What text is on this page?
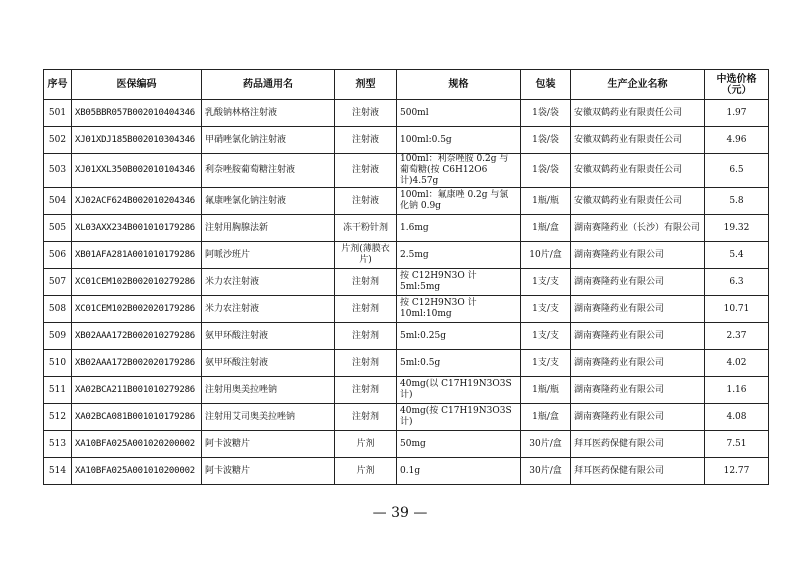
序号	医保编码	药品通用名	剂型	规格	包装	生产企业名称	中选价格（元）
501	XB05BBR057B002010404346	乳酸钠林格注射液	注射液	500ml	1袋/袋	安徽双鹤药业有限责任公司	1.97
502	XJ01XDJ185B002010304346	甲硝唑氯化钠注射液	注射液	100ml:0.5g	1袋/袋	安徽双鹤药业有限责任公司	4.96
503	XJ01XXL350B002010104346	利奈唑胺葡萄糖注射液	注射液	100ml：利奈唑胺 0.2g 与葡萄糖(按 C6H12O6 计)4.57g	1袋/袋	安徽双鹤药业有限责任公司	6.5
504	XJ02ACF624B002010204346	氟康唑氯化钠注射液	注射液	100ml：氟康唑 0.2g 与氯化钠 0.9g	1瓶/瓶	安徽双鹤药业有限责任公司	5.8
505	XL03AXX234B001010179286	注射用胸腺法新	冻干粉针剂	1.6mg	1瓶/盒	湖南赛隆药业（长沙）有限公司	19.32
506	XB01AFA281A001010179286	阿哌沙班片	片剂(薄膜衣片)	2.5mg	10片/盒	湖南赛隆药业有限公司	5.4
507	XC01CEM102B002010279286	米力农注射液	注射剂	按 C12H9N3O 计 5ml:5mg	1支/支	湖南赛隆药业有限公司	6.3
508	XC01CEM102B002020179286	米力农注射液	注射剂	按 C12H9N3O 计 10ml:10mg	1支/支	湖南赛隆药业有限公司	10.71
509	XB02AAA172B002010279286	氨甲环酸注射液	注射剂	5ml:0.25g	1支/支	湖南赛隆药业有限公司	2.37
510	XB02AAA172B002020179286	氨甲环酸注射液	注射剂	5ml:0.5g	1支/支	湖南赛隆药业有限公司	4.02
511	XA02BCA211B001010279286	注射用奥美拉唑钠	注射剂	40mg(以 C17H19N3O3S 计)	1瓶/瓶	湖南赛隆药业有限公司	1.16
512	XA02BCA081B001010179286	注射用艾司奥美拉唑钠	注射剂	40mg(按 C17H19N3O3S 计)	1瓶/盒	湖南赛隆药业有限公司	4.08
513	XA10BFA025A001020200002	阿卡波糖片	片剂	50mg	30片/盒	拜耳医药保健有限公司	7.51
514	XA10BFA025A001010200002	阿卡波糖片	片剂	0.1g	30片/盒	拜耳医药保健有限公司	12.77
— 39 —
